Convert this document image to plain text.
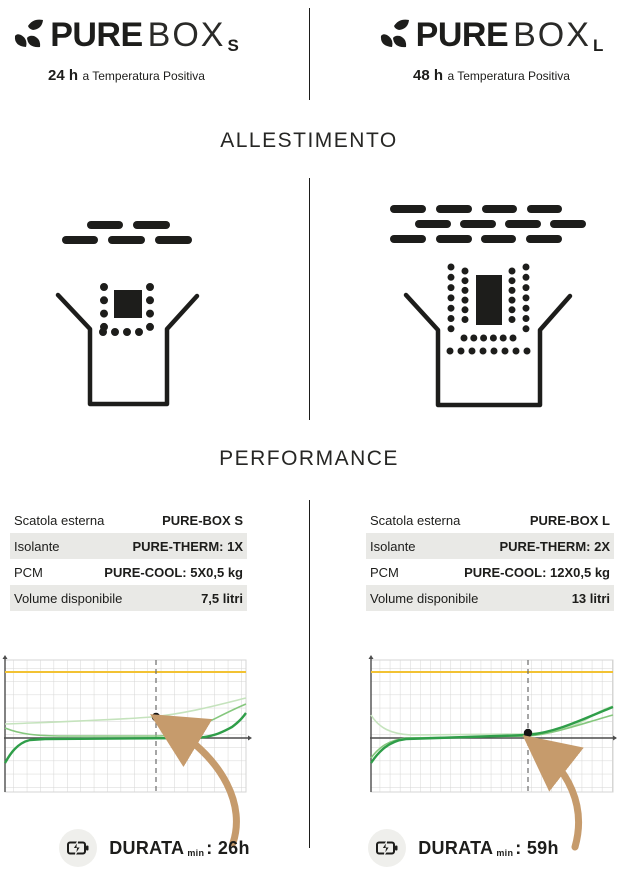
PURE BOX S
24 h a Temperatura Positiva
PURE BOX L
48 h a Temperatura Positiva
ALLESTIMENTO
PERFORMANCE
Scatola esterna	PURE-BOX S
Isolante	PURE-THERM: 1X
PCM	PURE-COOL: 5X0,5 kg
Volume disponibile	7,5 litri
Scatola esterna	PURE-BOX L
Isolante	PURE-THERM: 2X
PCM	PURE-COOL: 12X0,5 kg
Volume disponibile	13 litri
DURATA $_{min}$ : 26h	DURATA $_{min}$ : 59h
